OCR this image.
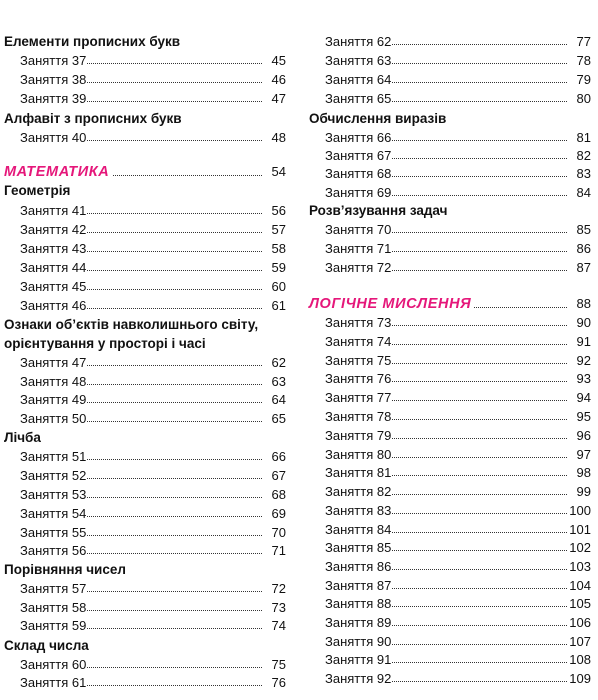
Елементи прописних букв
Заняття 37	45
Заняття 38	46
Заняття 39	47
Алфавіт з прописних букв
Заняття 40	48
МАТЕМАТИКА	54
Геометрія
Заняття 41	56
Заняття 42	57
Заняття 43	58
Заняття 44	59
Заняття 45	60
Заняття 46	61
Ознаки об’єктів навколишнього світу,
орієнтування у просторі і часі
Заняття 47	62
Заняття 48	63
Заняття 49	64
Заняття 50	65
Лічба
Заняття 51	66
Заняття 52	67
Заняття 53	68
Заняття 54	69
Заняття 55	70
Заняття 56	71
Порівняння чисел
Заняття 57	72
Заняття 58	73
Заняття 59	74
Склад числа
Заняття 60	75
Заняття 61	76
Заняття 62	77
Заняття 63	78
Заняття 64	79
Заняття 65	80
Обчислення виразів
Заняття 66	81
Заняття 67	82
Заняття 68	83
Заняття 69	84
Розв’язування задач
Заняття 70	85
Заняття 71	86
Заняття 72	87
ЛОГІЧНЕ МИСЛЕННЯ	88
Заняття 73	90
Заняття 74	91
Заняття 75	92
Заняття 76	93
Заняття 77	94
Заняття 78	95
Заняття 79	96
Заняття 80	97
Заняття 81	98
Заняття 82	99
Заняття 83	100
Заняття 84	101
Заняття 85	102
Заняття 86	103
Заняття 87	104
Заняття 88	105
Заняття 89	106
Заняття 90	107
Заняття 91	108
Заняття 92	109
